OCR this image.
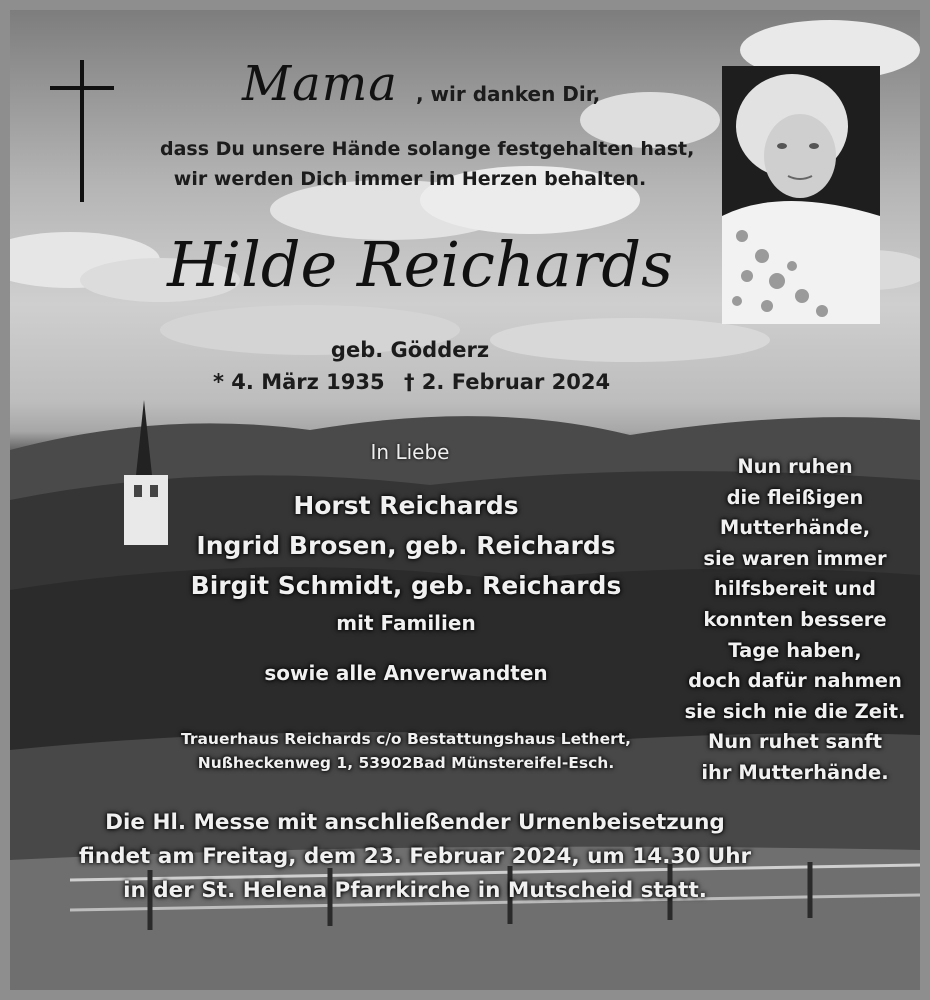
Mama , wir danken Dir,

dass Du unsere Hände solange festgehalten hast,

wir werden Dich immer im Herzen behalten.

Hilde Reichards

geb. Gödderz

* 4. März 1935 † 2. Februar 2024

In Liebe

Horst Reichards

Ingrid Brosen, geb. Reichards

Birgit Schmidt, geb. Reichards

mit Familien

sowie alle Anverwandten

Trauerhaus Reichards c/o Bestattungshaus Lethert,

Nußheckenweg 1, 53902Bad Münstereifel-Esch.

Nun ruhen
die fleißigen
Mutterhände,
sie waren immer
hilfsbereit und
konnten bessere
Tage haben,
doch dafür nahmen
sie sich nie die Zeit.
Nun ruhet sanft
ihr Mutterhände.

Die Hl. Messe mit anschließender Urnenbeisetzung

findet am Freitag, dem 23. Februar 2024, um 14.30 Uhr

in der St. Helena Pfarrkirche in Mutscheid statt.
